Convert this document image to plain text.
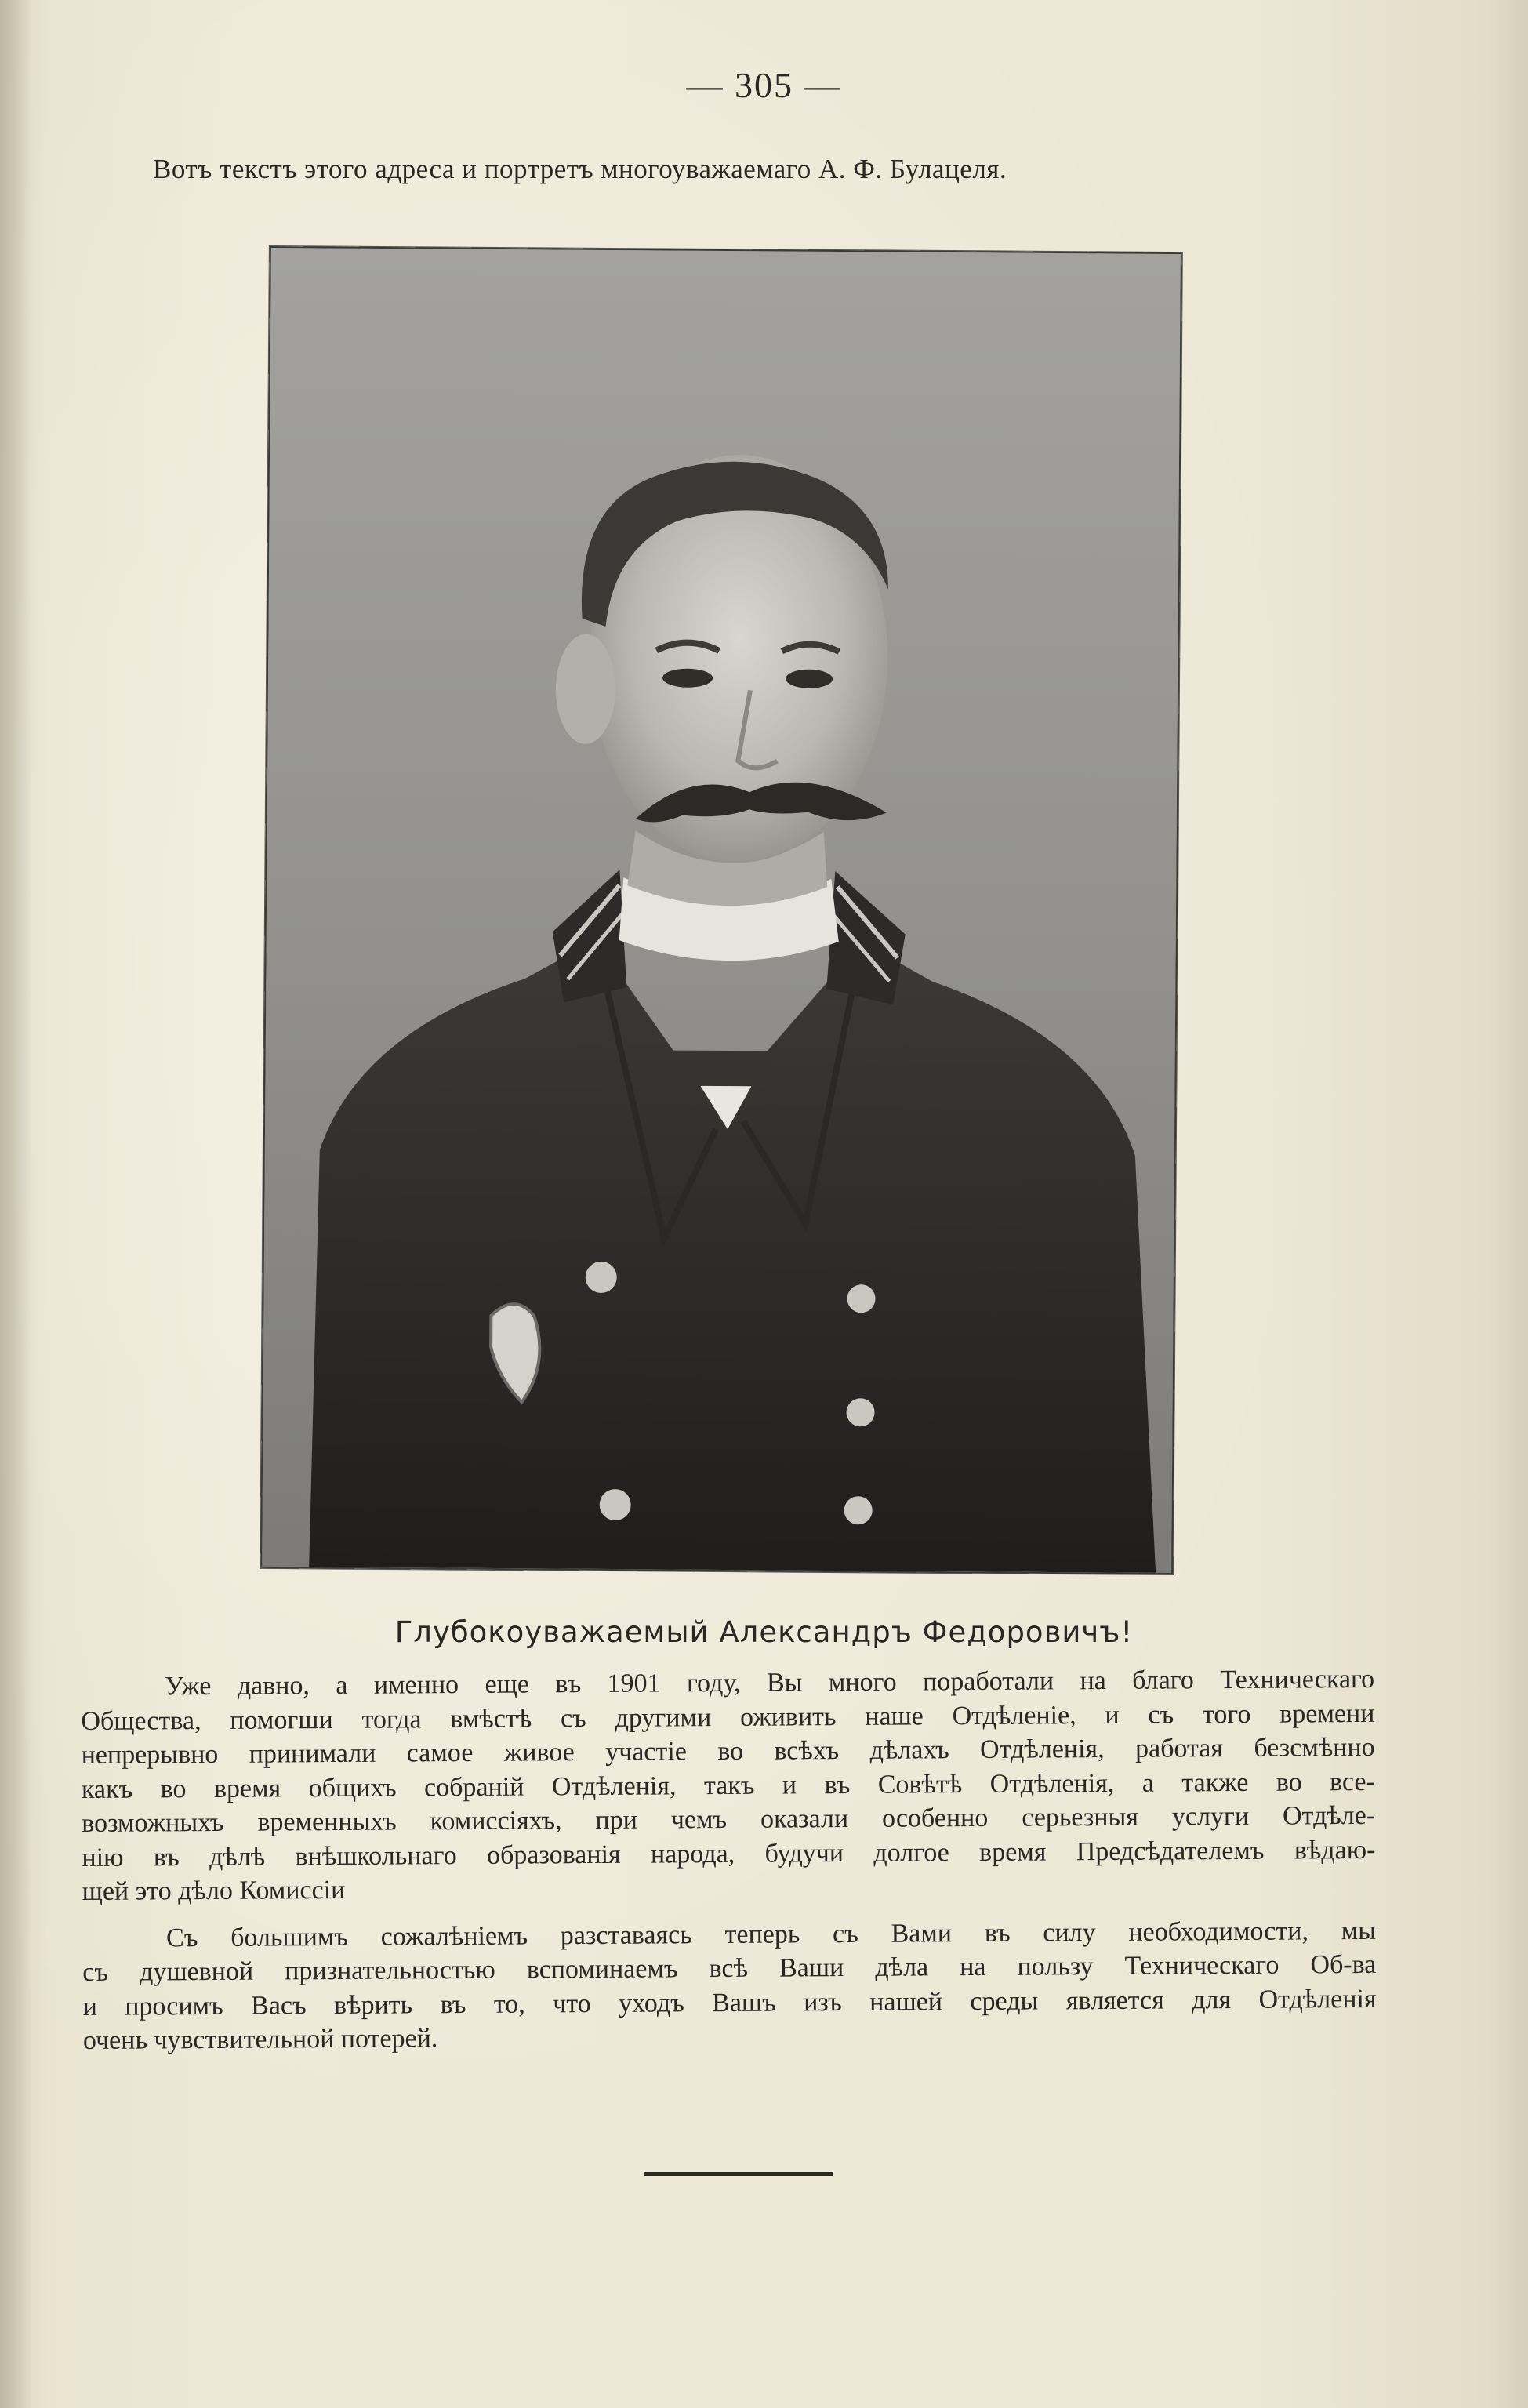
— 305 —
Вотъ текстъ этого адреса и портретъ многоуважаемаго А. Ф. Булацеля.
Глубокоуважаемый Александръ Федоровичъ!

Уже давно, а именно еще въ 1901 году, Вы много поработали на благо Техническаго
Общества, помогши тогда вмѣстѣ съ другими оживить наше Отдѣленіе, и съ того времени
непрерывно принимали самое живое участіе во всѣхъ дѣлахъ Отдѣленія, работая безсмѣнно
какъ во время общихъ собраній Отдѣленія, такъ и въ Совѣтѣ Отдѣленія, а также во все-
возможныхъ временныхъ комиссіяхъ, при чемъ оказали особенно серьезныя услуги Отдѣле-
нію въ дѣлѣ внѣшкольнаго образованія народа, будучи долгое время Предсѣдателемъ вѣдаю-
щей это дѣло Комиссіи

Съ большимъ сожалѣніемъ разставаясь теперь съ Вами въ силу необходимости, мы
съ душевной признательностью вспоминаемъ всѣ Ваши дѣла на пользу Техническаго Об-ва
и просимъ Васъ вѣрить въ то, что уходъ Вашъ изъ нашей среды является для Отдѣленія
очень чувствительной потерей.
